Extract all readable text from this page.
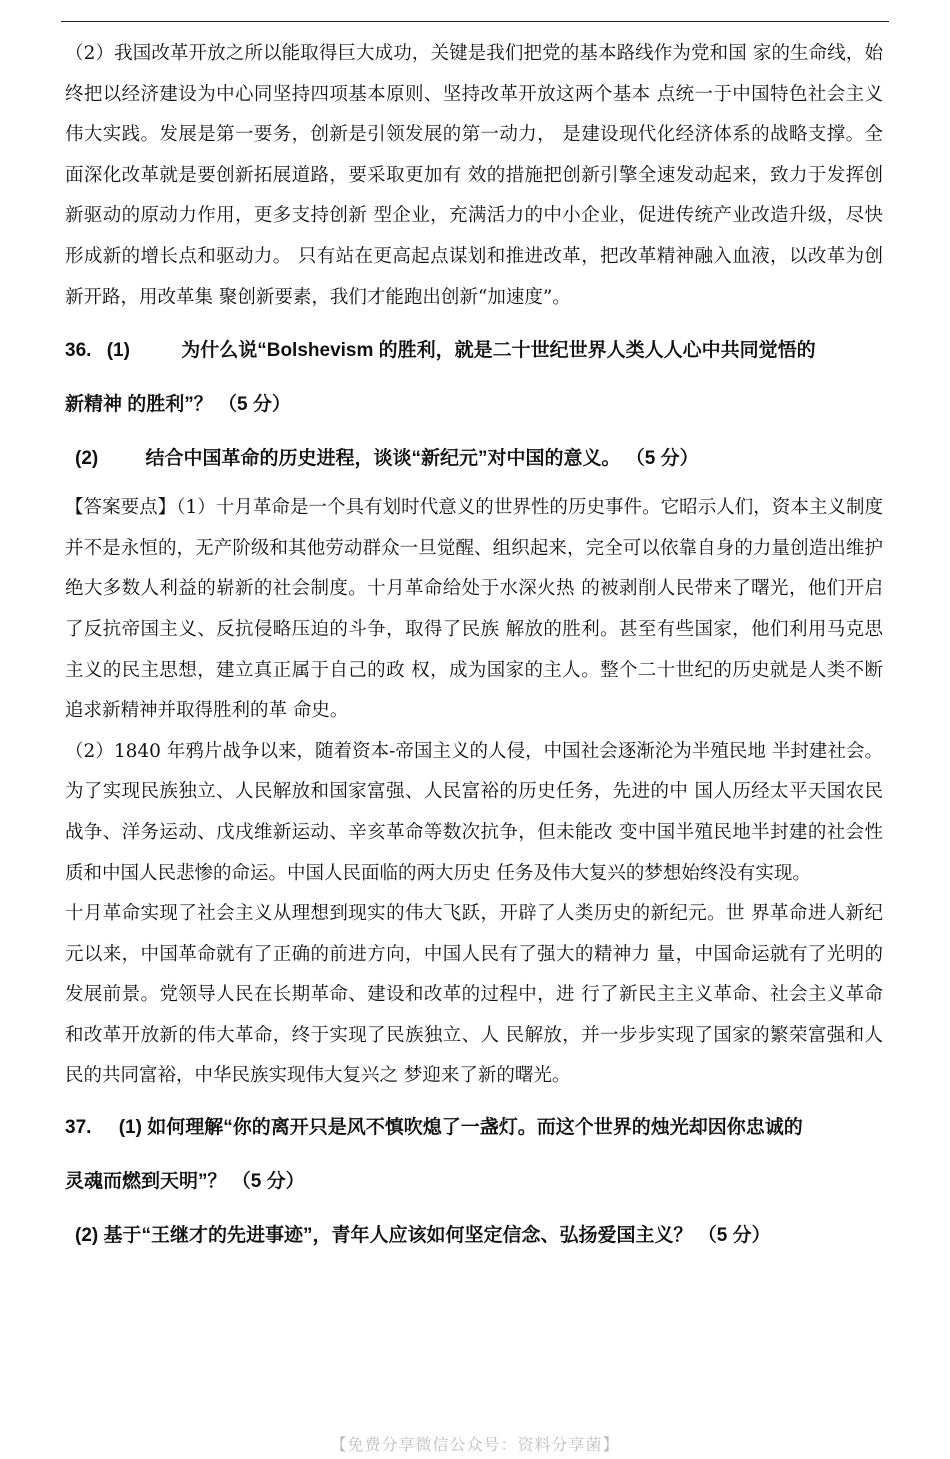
（2）我国改革开放之所以能取得巨大成功，关键是我们把党的基本路线作为党和国 家的生命线，始终把以经济建设为中心同坚持四项基本原则、坚持改革开放这两个基本 点统一于中国特色社会主义伟大实践。发展是第一要务，创新是引领发展的第一动力， 是建设现代化经济体系的战略支撑。全面深化改革就是要创新拓展道路，要采取更加有 效的措施把创新引擎全速发动起来，致力于发挥创新驱动的原动力作用，更多支持创新 型企业，充满活力的中小企业，促进传统产业改造升级，尽快形成新的增长点和驱动力。 只有站在更高起点谋划和推进改革，把改革精神融入血液，以改革为创新开路，用改革集 聚创新要素，我们才能跑出创新“加速度”。

36. (1)	为什么说“Bolshevism 的胜利，就是二十世纪世界人类人人心中共同觉悟的

新精神 的胜利”？ （5 分）

(2) 结合中国革命的历史进程，谈谈“新纪元”对中国的意义。 （5 分）

【答案要点】（1）十月革命是一个具有划时代意义的世界性的历史事件。它昭示人们，资本主义制度并不是永恒的，无产阶级和其他劳动群众一旦觉醒、组织起来，完全可以依靠自身的力量创造出维护绝大多数人利益的崭新的社会制度。十月革命给处于水深火热 的被剥削人民带来了曙光，他们开启了反抗帝国主义、反抗侵略压迫的斗争，取得了民族 解放的胜利。甚至有些国家，他们利用马克思主义的民主思想，建立真正属于自己的政 权，成为国家的主人。整个二十世纪的历史就是人类不断追求新精神并取得胜利的革 命史。

（2）1840 年鸦片战争以来，随着资本-帝国主义的人侵，中国社会逐渐沦为半殖民地 半封建社会。为了实现民族独立、人民解放和国家富强、人民富裕的历史任务，先进的中 国人历经太平天国农民战争、洋务运动、戊戌维新运动、辛亥革命等数次抗争，但未能改 变中国半殖民地半封建的社会性质和中国人民悲惨的命运。中国人民面临的两大历史 任务及伟大复兴的梦想始终没有实现。

十月革命实现了社会主义从理想到现实的伟大飞跃，开辟了人类历史的新纪元。世 界革命进人新纪元以来，中国革命就有了正确的前进方向，中国人民有了强大的精神力 量，中国命运就有了光明的发展前景。党领导人民在长期革命、建设和改革的过程中，进 行了新民主主义革命、社会主义革命和改革开放新的伟大革命，终于实现了民族独立、人 民解放，并一步步实现了国家的繁荣富强和人民的共同富裕，中华民族实现伟大复兴之 梦迎来了新的曙光。

37. (1) 如何理解“你的离开只是风不慎吹熄了一盏灯。而这个世界的烛光却因你忠诚的

灵魂而燃到天明”？ （5 分）

(2) 基于“王继才的先进事迹”，青年人应该如何坚定信念、弘扬爱国主义？ （5 分）

【免费分享微信公众号：资料分享菌】
